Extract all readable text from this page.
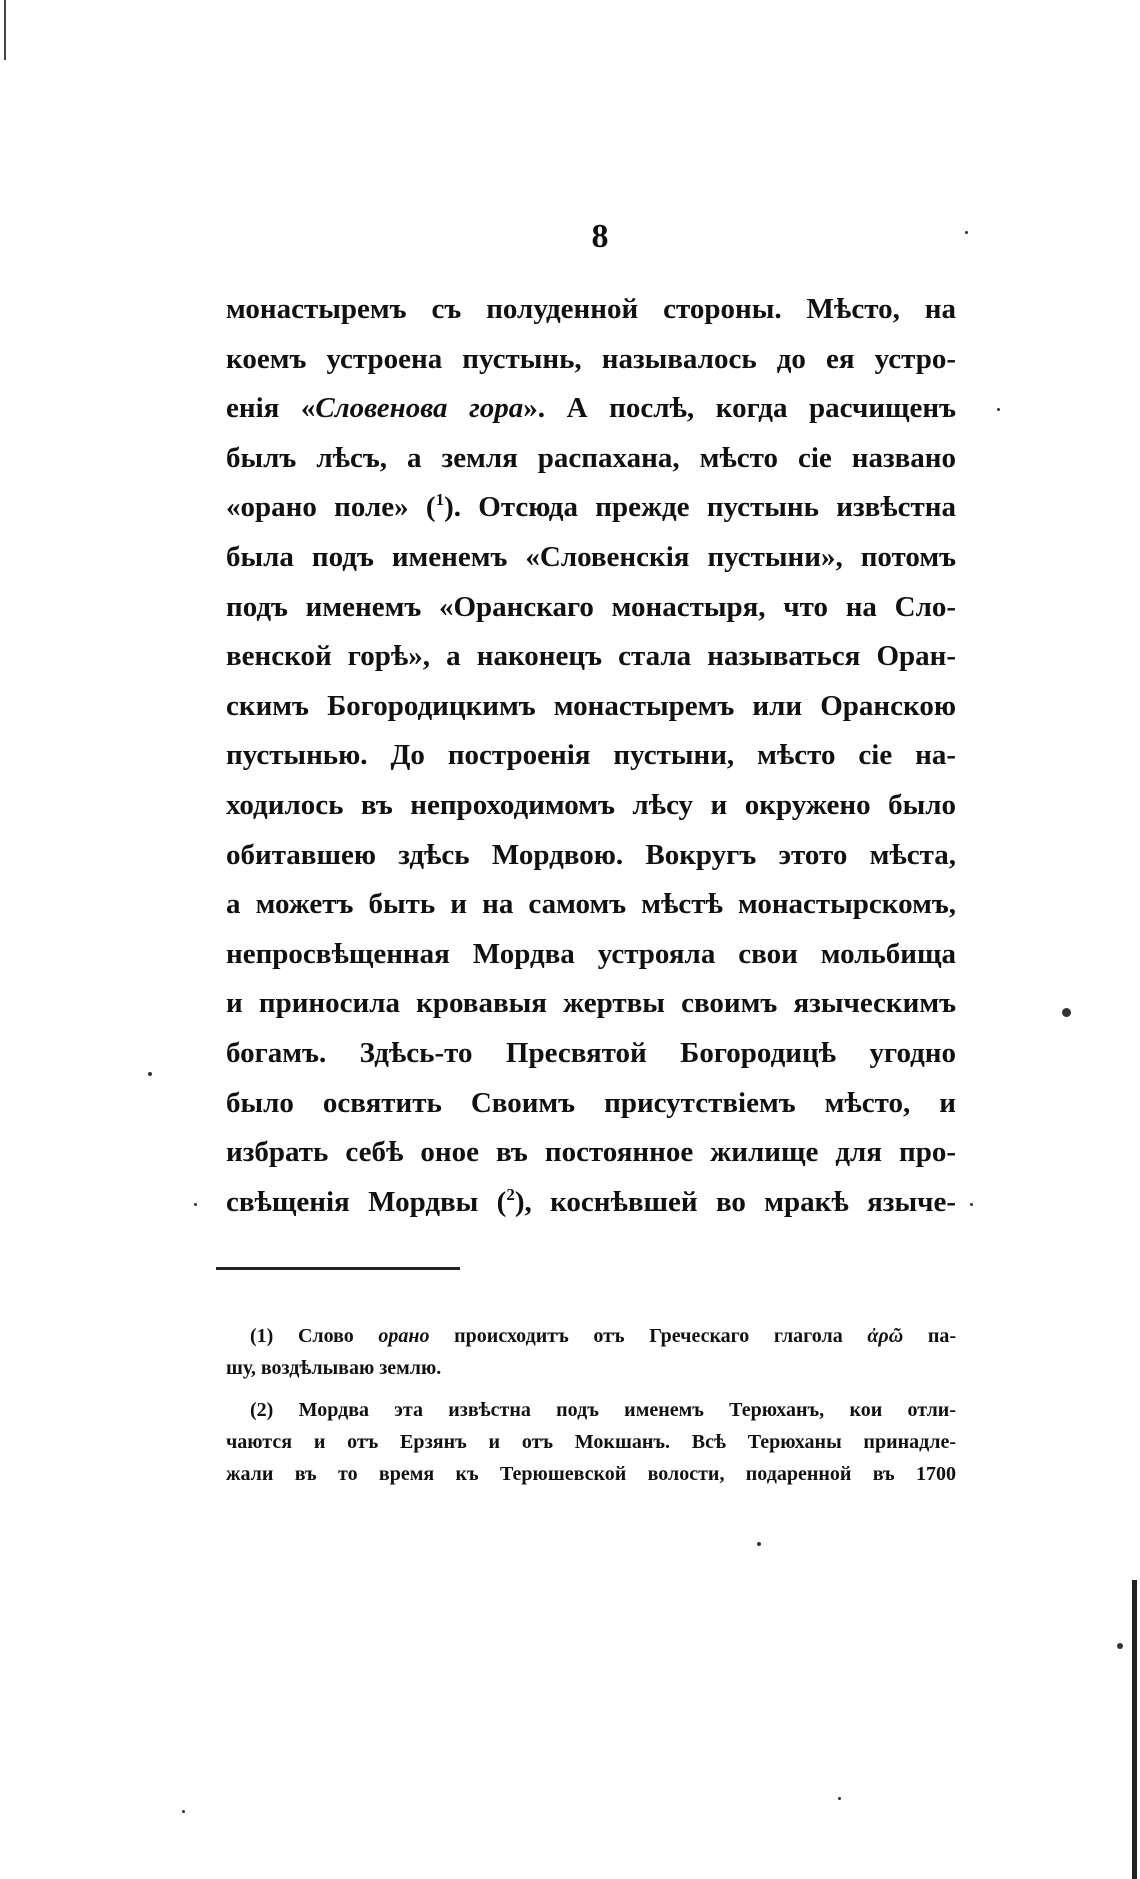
8
монастыремъ съ полуденной стороны. Мѣсто, на
коемъ устроена пустынь, называлось до ея устро-
енія «Словенова гора». А послѣ, когда расчищенъ
былъ лѣсъ, а земля распахана, мѣсто сіе названо
«орано поле» ($^1$). Отсюда прежде пустынь извѣстна
была подъ именемъ «Словенскія пустыни», потомъ
подъ именемъ «Оранскаго монастыря, что на Сло-
венской горѣ», а наконецъ стала называться Оран-
скимъ Богородицкимъ монастыремъ или Оранскою
пустынью. До построенія пустыни, мѣсто сіе на-
ходилось въ непроходимомъ лѣсу и окружено было
обитавшею здѣсь Мордвою. Вокругъ этото мѣста,
а можетъ быть и на самомъ мѣстѣ монастырскомъ,
непросвѣщенная Мордва устрояла свои мольбища
и приносила кровавыя жертвы своимъ языческимъ
богамъ. Здѣсь-то Пресвятой Богородицѣ угодно
было освятить Своимъ присутствіемъ мѣсто, и
избрать себѣ оное въ постоянное жилище для про-
свѣщенія Мордвы ($^2$), коснѣвшей во мракѣ языче-
(1) Слово орано происходитъ отъ Греческаго глагола ἀρῶ па-
шу, воздѣлываю землю.
(2) Мордва эта извѣстна подъ именемъ Терюханъ, кои отли-
чаются и отъ Ерзянъ и отъ Мокшанъ. Всѣ Терюханы принадле-
жали въ то время къ Терюшевской волости, подаренной въ 1700
